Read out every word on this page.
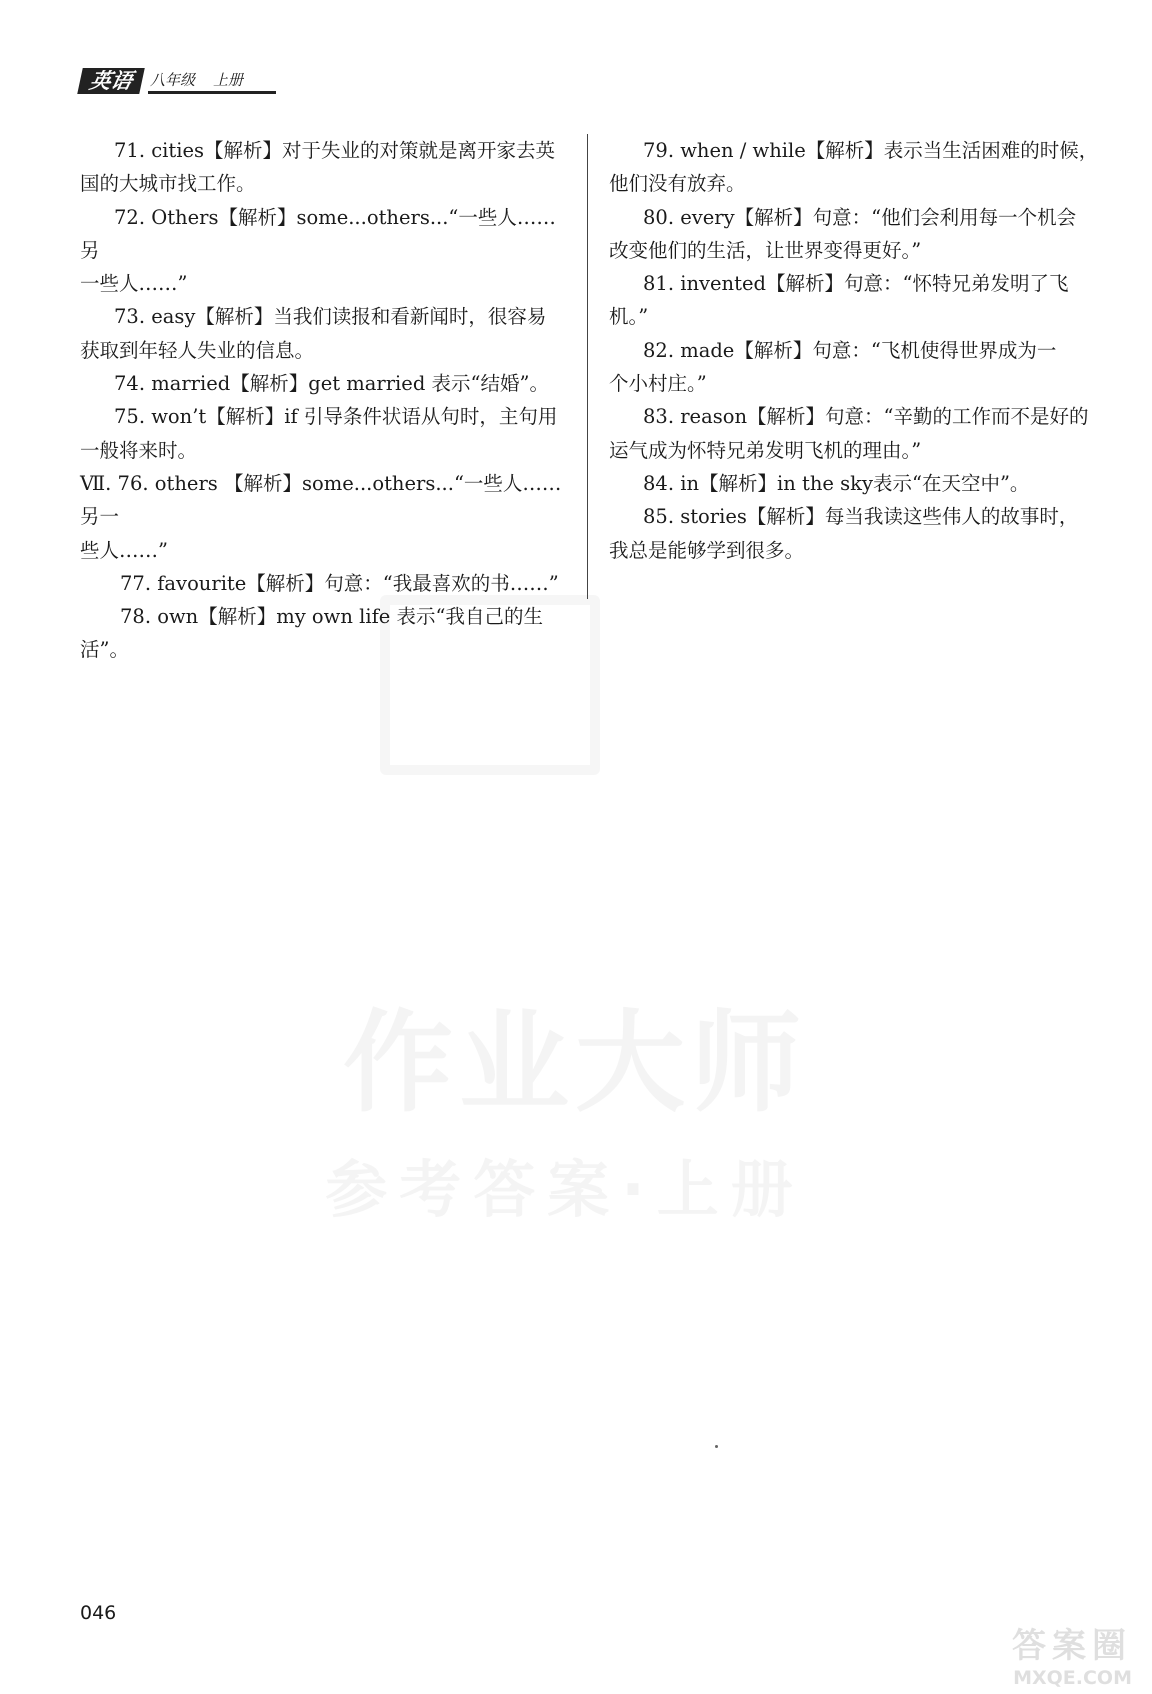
英语	八年级 上册

71. cities【解析】对于失业的对策就是离开家去英

国的大城市找工作。

72. Others【解析】some...others...“一些人……另

一些人……”

73. easy【解析】当我们读报和看新闻时，很容易

获取到年轻人失业的信息。

74. married【解析】get married 表示“结婚”。

75. won’t【解析】if 引导条件状语从句时，主句用

一般将来时。

Ⅶ. 76. others 【解析】some...others...“一些人……另一

些人……”

77. favourite【解析】句意：“我最喜欢的书……”

78. own【解析】my own life 表示“我自己的生

活”。

79. when / while【解析】表示当生活困难的时候，

他们没有放弃。

80. every【解析】句意：“他们会利用每一个机会

改变他们的生活，让世界变得更好。”

81. invented【解析】句意：“怀特兄弟发明了飞

机。”

82. made【解析】句意：“飞机使得世界成为一

个小村庄。”

83. reason【解析】句意：“辛勤的工作而不是好的

运气成为怀特兄弟发明飞机的理由。”

84. in【解析】in the sky表示“在天空中”。

85. stories【解析】每当我读这些伟人的故事时，

我总是能够学到很多。

046
答案圈
MXQE.COM
